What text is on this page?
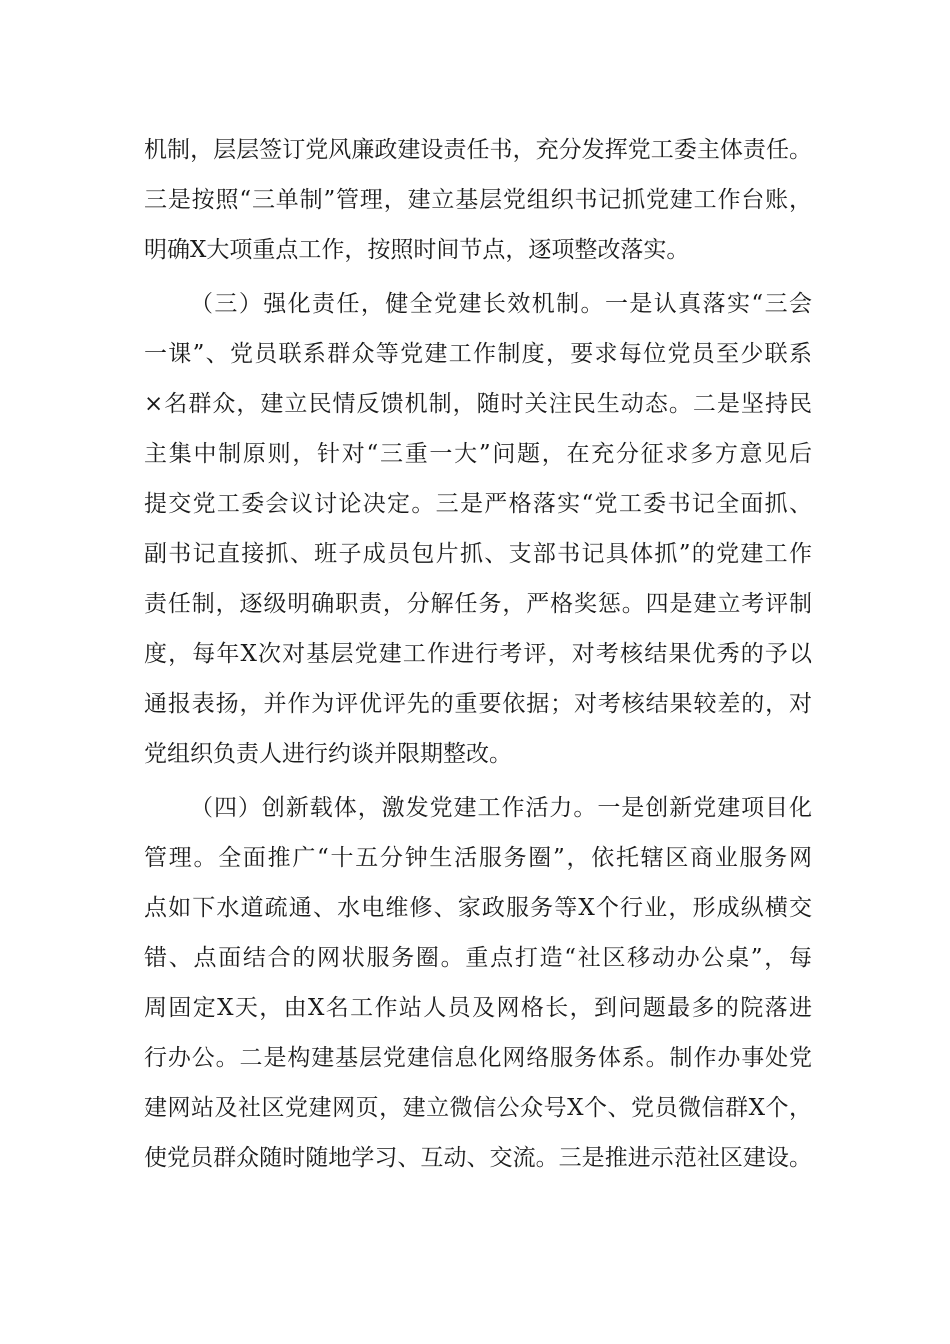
机制，层层签订党风廉政建设责任书，充分发挥党工委主体责任。
三是按照“三单制”管理，建立基层党组织书记抓党建工作台账，
明确X大项重点工作，按照时间节点，逐项整改落实。
（三）强化责任，健全党建长效机制。一是认真落实“三会
一课”、党员联系群众等党建工作制度，要求每位党员至少联系
×名群众，建立民情反馈机制，随时关注民生动态。二是坚持民
主集中制原则，针对“三重一大”问题，在充分征求多方意见后
提交党工委会议讨论决定。三是严格落实“党工委书记全面抓、
副书记直接抓、班子成员包片抓、支部书记具体抓”的党建工作
责任制，逐级明确职责，分解任务，严格奖惩。四是建立考评制
度，每年X次对基层党建工作进行考评，对考核结果优秀的予以
通报表扬，并作为评优评先的重要依据；对考核结果较差的，对
党组织负责人进行约谈并限期整改。
（四）创新载体，激发党建工作活力。一是创新党建项目化
管理。全面推广“十五分钟生活服务圈”，依托辖区商业服务网
点如下水道疏通、水电维修、家政服务等X个行业，形成纵横交
错、点面结合的网状服务圈。重点打造“社区移动办公桌”，每
周固定X天，由X名工作站人员及网格长，到问题最多的院落进
行办公。二是构建基层党建信息化网络服务体系。制作办事处党
建网站及社区党建网页，建立微信公众号X个、党员微信群X个，
使党员群众随时随地学习、互动、交流。三是推进示范社区建设。
